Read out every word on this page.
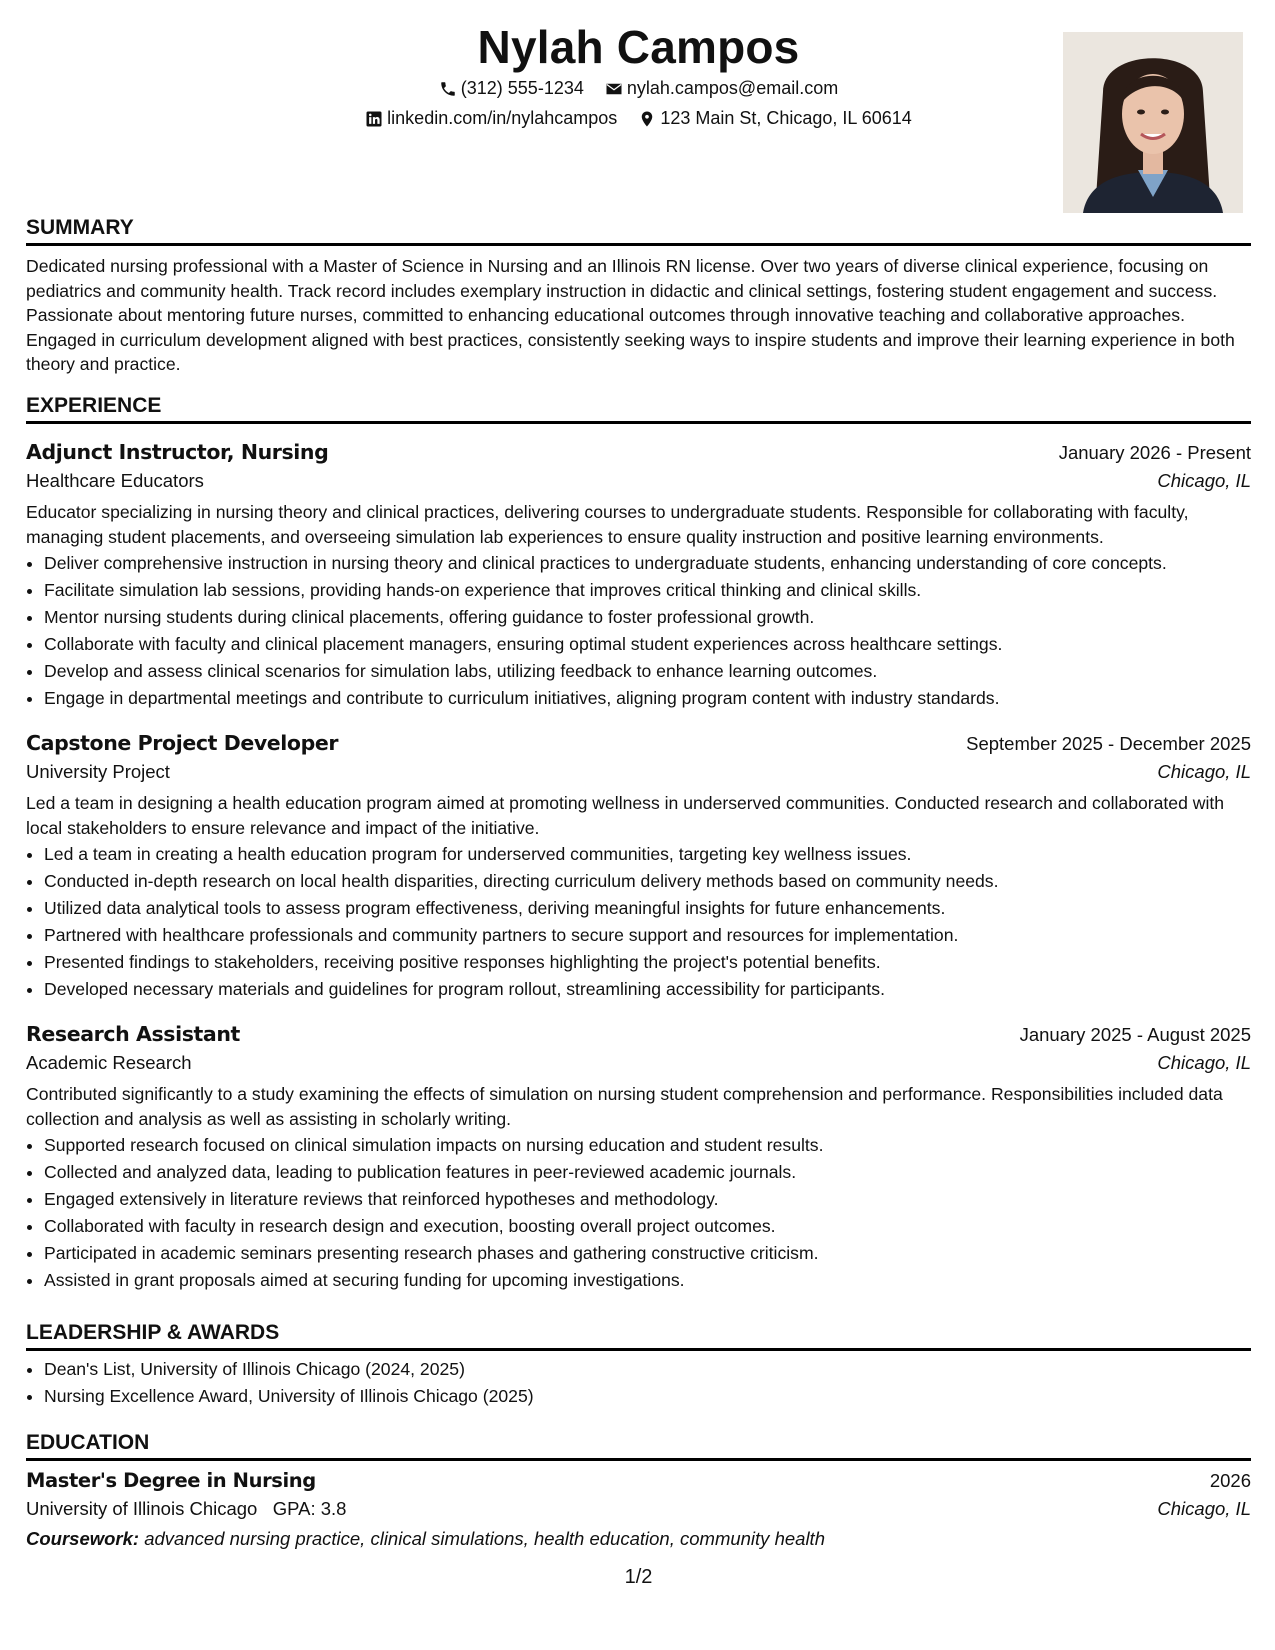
Nylah Campos
(312) 555-1234
nylah.campos@email.com
linkedin.com/in/nylahcampos
123 Main St, Chicago, IL 60614
SUMMARY

Dedicated nursing professional with a Master of Science in Nursing and an Illinois RN license. Over two years of diverse clinical experience, focusing on pediatrics and community health. Track record includes exemplary instruction in didactic and clinical settings, fostering student engagement and success. Passionate about mentoring future nurses, committed to enhancing educational outcomes through innovative teaching and collaborative approaches. Engaged in curriculum development aligned with best practices, consistently seeking ways to inspire students and improve their learning experience in both theory and practice.

EXPERIENCE
Adjunct Instructor, Nursing	January 2026 - Present
Healthcare Educators	Chicago, IL

Educator specializing in nursing theory and clinical practices, delivering courses to undergraduate students. Responsible for collaborating with faculty, managing student placements, and overseeing simulation lab experiences to ensure quality instruction and positive learning environments.

• Deliver comprehensive instruction in nursing theory and clinical practices to undergraduate students, enhancing understanding of core concepts.
• Facilitate simulation lab sessions, providing hands-on experience that improves critical thinking and clinical skills.
• Mentor nursing students during clinical placements, offering guidance to foster professional growth.
• Collaborate with faculty and clinical placement managers, ensuring optimal student experiences across healthcare settings.
• Develop and assess clinical scenarios for simulation labs, utilizing feedback to enhance learning outcomes.
• Engage in departmental meetings and contribute to curriculum initiatives, aligning program content with industry standards.
Capstone Project Developer	September 2025 - December 2025
University Project	Chicago, IL

Led a team in designing a health education program aimed at promoting wellness in underserved communities. Conducted research and collaborated with local stakeholders to ensure relevance and impact of the initiative.

• Led a team in creating a health education program for underserved communities, targeting key wellness issues.
• Conducted in-depth research on local health disparities, directing curriculum delivery methods based on community needs.
• Utilized data analytical tools to assess program effectiveness, deriving meaningful insights for future enhancements.
• Partnered with healthcare professionals and community partners to secure support and resources for implementation.
• Presented findings to stakeholders, receiving positive responses highlighting the project's potential benefits.
• Developed necessary materials and guidelines for program rollout, streamlining accessibility for participants.
Research Assistant	January 2025 - August 2025
Academic Research	Chicago, IL

Contributed significantly to a study examining the effects of simulation on nursing student comprehension and performance. Responsibilities included data collection and analysis as well as assisting in scholarly writing.

• Supported research focused on clinical simulation impacts on nursing education and student results.
• Collected and analyzed data, leading to publication features in peer-reviewed academic journals.
• Engaged extensively in literature reviews that reinforced hypotheses and methodology.
• Collaborated with faculty in research design and execution, boosting overall project outcomes.
• Participated in academic seminars presenting research phases and gathering constructive criticism.
• Assisted in grant proposals aimed at securing funding for upcoming investigations.
LEADERSHIP & AWARDS
• Dean's List, University of Illinois Chicago (2024, 2025)
• Nursing Excellence Award, University of Illinois Chicago (2025)
EDUCATION
Master's Degree in Nursing	2026
University of Illinois Chicago GPA: 3.8	Chicago, IL
Coursework: advanced nursing practice, clinical simulations, health education, community health
1/2
